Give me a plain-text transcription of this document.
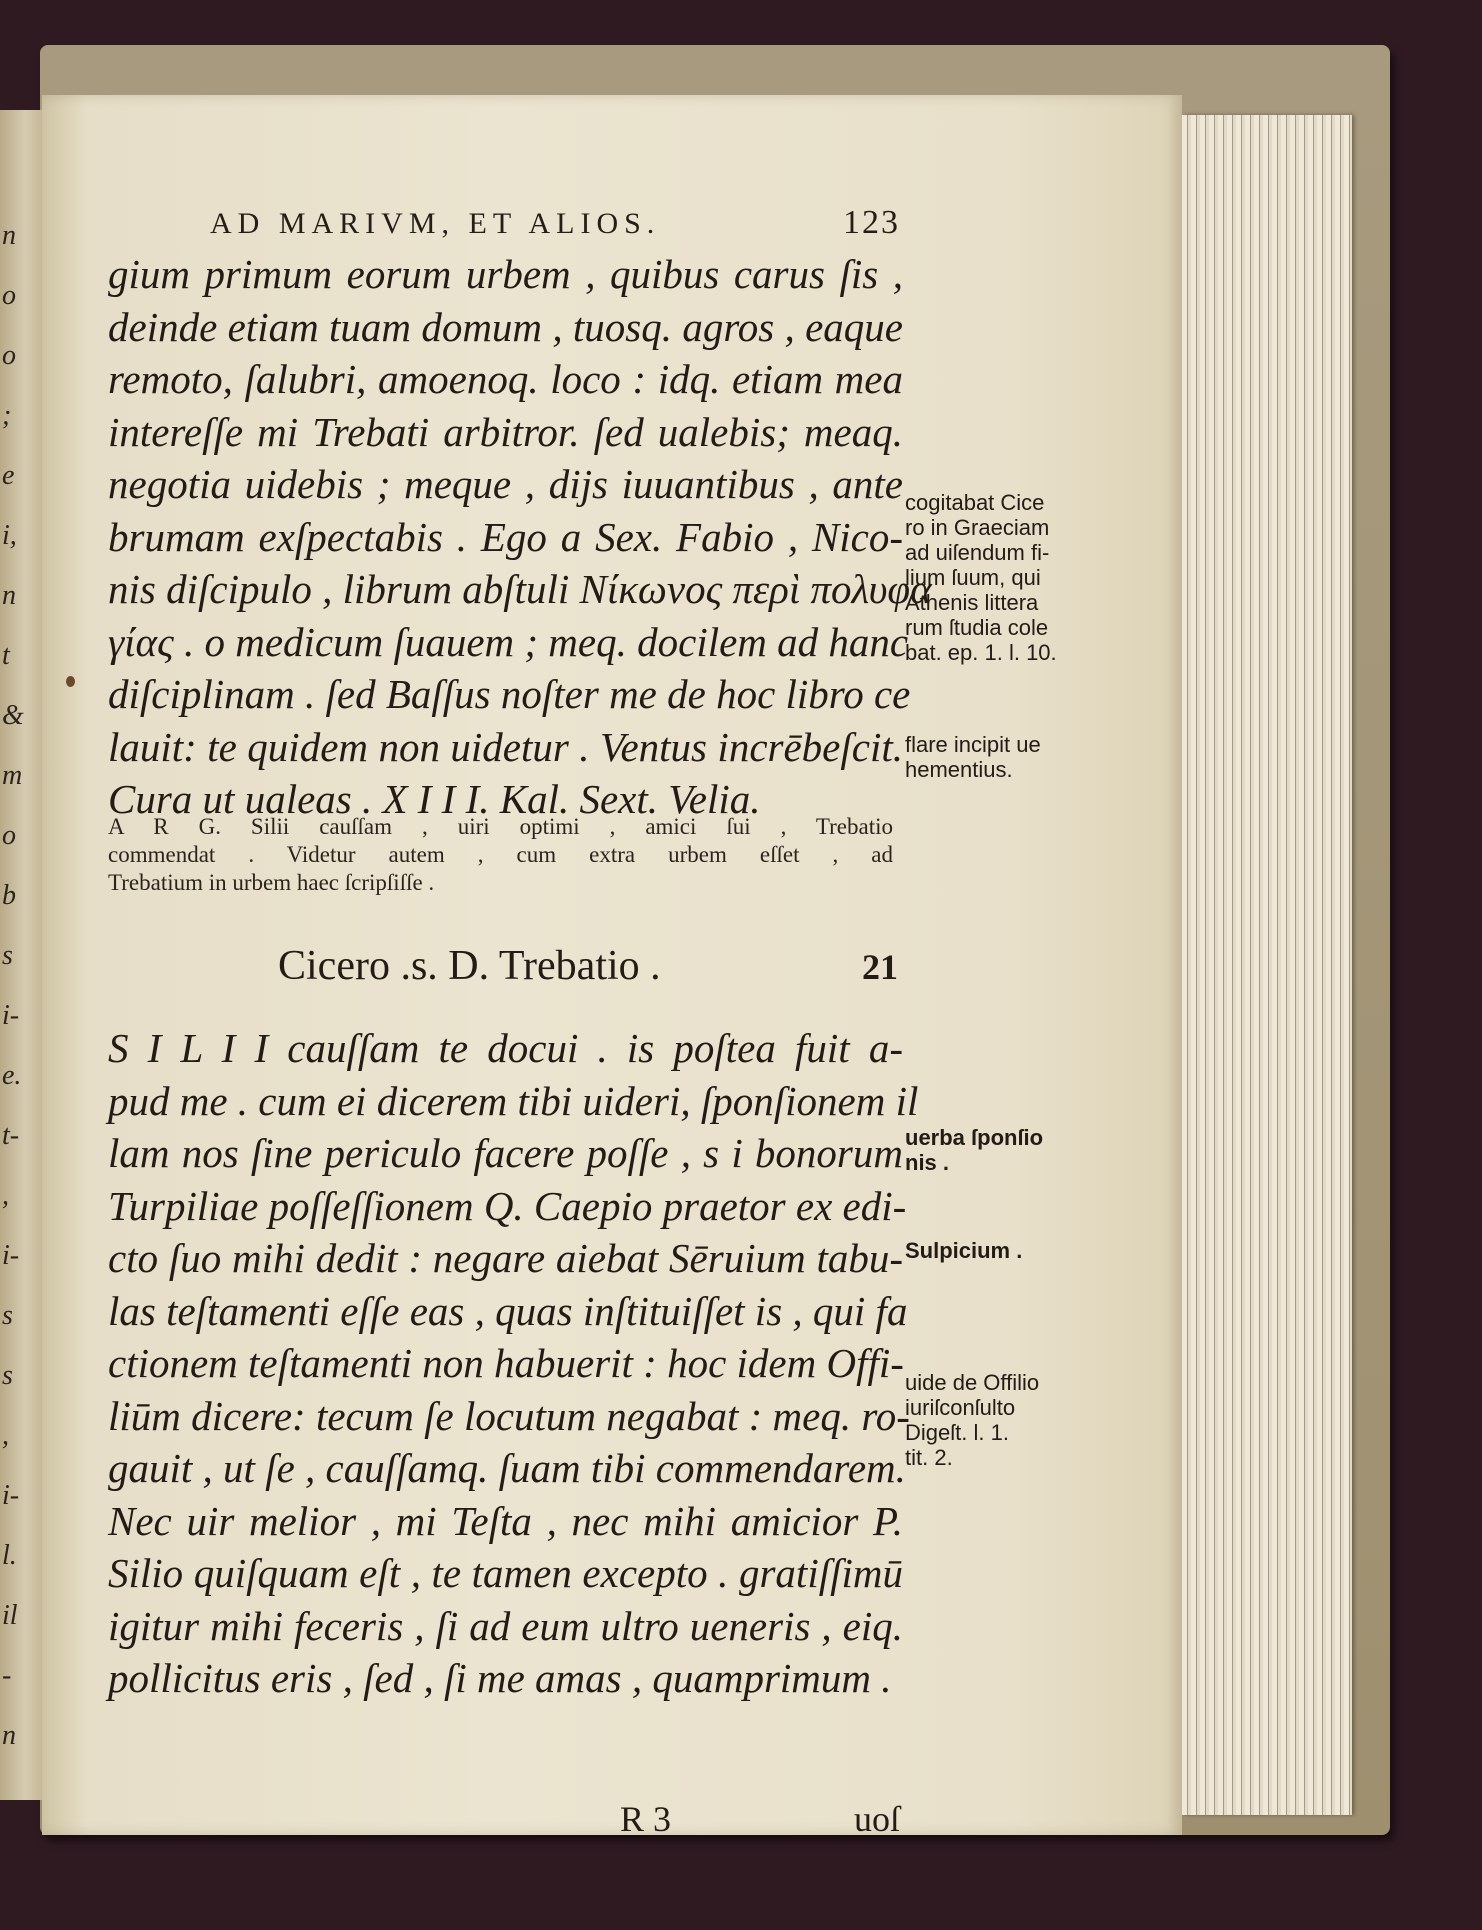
n
o
o
;
e
i,
n
t
&
m
o
b
s
i-
e.
t-
,
i-
s
s
,
i-
l.
il
-
n
AD MARIVM, ET ALIOS.	123
gium primum eorum urbem , quibus carus ſis ,
deinde etiam tuam domum , tuosq. agros , eaque
remoto, ſalubri, amoenoq. loco : idq. etiam mea
intereſſe mi Trebati arbitror. ſed ualebis; meaq.
negotia uidebis ; meque , dijs iuuantibus , ante
brumam exſpectabis . Ego a Sex. Fabio , Nico-
nis diſcipulo , librum abſtuli Νίκωνος περὶ πολυφα
γίας . o medicum ſuauem ; meq. docilem ad hanc
diſciplinam . ſed Baſſus noſter me de hoc libro ce
lauit: te quidem non uidetur . Ventus incrēbeſcit.
Cura ut ualeas . X I I I. Kal. Sext. Velia.
A R G. Silii cauſſam , uiri optimi , amici ſui , Trebatio
commendat . Videtur autem , cum extra urbem eſſet , ad
Trebatium in urbem haec ſcripſiſſe .
Cicero .s. D. Trebatio .	21
S I L I I cauſſam te docui . is poſtea fuit a-
pud me . cum ei dicerem tibi uideri, ſponſionem il
lam nos ſine periculo facere poſſe , s i bonorum
Turpiliae poſſeſſionem Q. Caepio praetor ex edi-
cto ſuo mihi dedit : negare aiebat Sēruium tabu-
las teſtamenti eſſe eas , quas inſtituiſſet is , qui fa
ctionem teſtamenti non habuerit : hoc idem Offi-
liūm dicere: tecum ſe locutum negabat : meq. ro-
gauit , ut ſe , cauſſamq. ſuam tibi commendarem.
Nec uir melior , mi Teſta , nec mihi amicior P.
Silio quiſquam eſt , te tamen excepto . gratiſſimū
igitur mihi feceris , ſi ad eum ultro ueneris , eiq.
pollicitus eris , ſed , ſi me amas , quamprimum .
cogitabat Cice
ro in Graeciam
ad uiſendum fi-
lium ſuum, qui
Athenis littera
rum ſtudia cole
bat. ep. 1. l. 10.
flare incipit ue
hementius.
uerba ſponſio
nis .
Sulpicium .
uide de Offilio
iuriſconſulto
Digeſt. l. 1.
tit. 2.
R 3	uoſ
